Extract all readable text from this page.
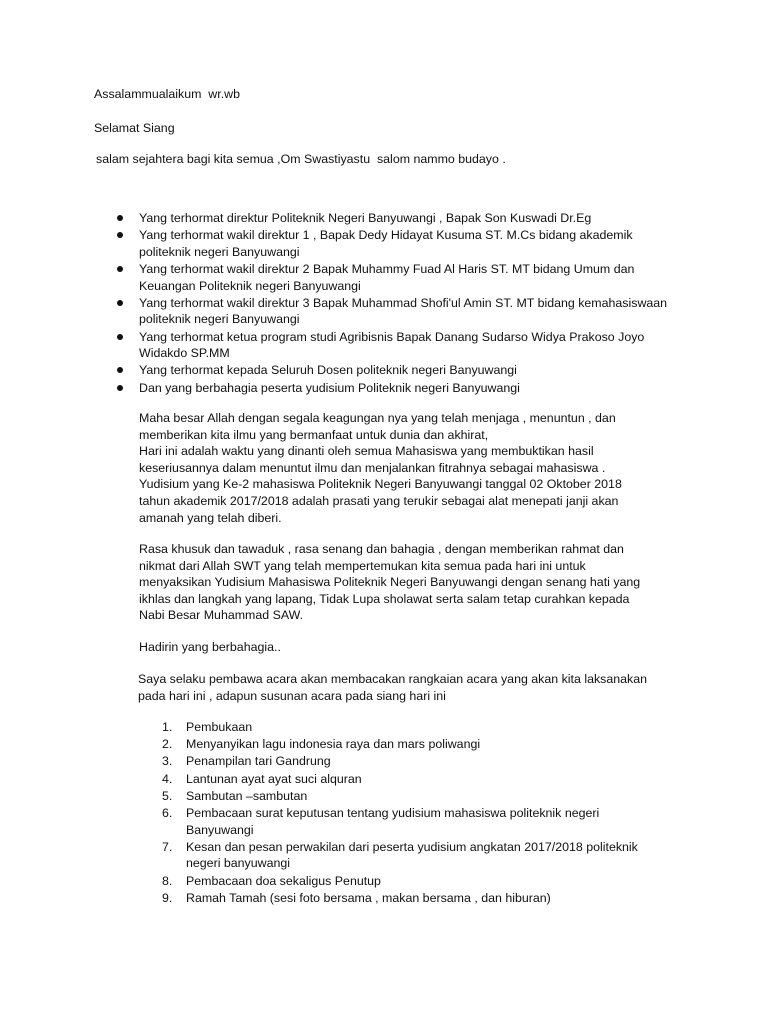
Assalammualaikum  wr.wb
Selamat Siang
salam sejahtera bagi kita semua ,Om Swastiyastu  salom nammo budayo .
Yang terhormat direktur Politeknik Negeri Banyuwangi , Bapak Son Kuswadi Dr.Eg
Yang terhormat wakil direktur 1 , Bapak Dedy Hidayat Kusuma ST. M.Cs bidang akademik politeknik negeri Banyuwangi
Yang terhormat wakil direktur 2 Bapak Muhammy Fuad Al Haris ST. MT bidang Umum dan Keuangan Politeknik negeri Banyuwangi
Yang terhormat wakil direktur 3 Bapak Muhammad Shofi'ul Amin ST. MT bidang kemahasiswaan politeknik negeri Banyuwangi
Yang terhormat ketua program studi Agribisnis Bapak Danang Sudarso Widya Prakoso Joyo Widakdo SP.MM
Yang terhormat kepada Seluruh Dosen politeknik negeri Banyuwangi
Dan yang berbahagia peserta yudisium Politeknik negeri Banyuwangi
Maha besar Allah dengan segala keagungan nya yang telah menjaga , menuntun , dan
memberikan kita ilmu yang bermanfaat untuk dunia dan akhirat,
Hari ini adalah waktu yang dinanti oleh semua Mahasiswa yang membuktikan hasil
keseriusannya dalam menuntut ilmu dan menjalankan fitrahnya sebagai mahasiswa .
Yudisium yang Ke-2 mahasiswa Politeknik Negeri Banyuwangi tanggal 02 Oktober 2018
tahun akademik 2017/2018 adalah prasati yang terukir sebagai alat menepati janji akan
amanah yang telah diberi.
Rasa khusuk dan tawaduk , rasa senang dan bahagia , dengan memberikan rahmat dan
nikmat dari Allah SWT yang telah mempertemukan kita semua pada hari ini untuk
menyaksikan Yudisium Mahasiswa Politeknik Negeri Banyuwangi dengan senang hati yang
ikhlas dan langkah yang lapang, Tidak Lupa sholawat serta salam tetap curahkan kepada
Nabi Besar Muhammad SAW.
Hadirin yang berbahagia..
Saya selaku pembawa acara akan membacakan rangkaian acara yang akan kita laksanakan
pada hari ini , adapun susunan acara pada siang hari ini
1. Pembukaan
2. Menyanyikan lagu indonesia raya dan mars poliwangi
3. Penampilan tari Gandrung
4. Lantunan ayat ayat suci alquran
5. Sambutan –sambutan
6. Pembacaan surat keputusan tentang yudisium mahasiswa politeknik negeri
Banyuwangi
7. Kesan dan pesan perwakilan dari peserta yudisium angkatan 2017/2018 politeknik
negeri banyuwangi
8. Pembacaan doa sekaligus Penutup
9. Ramah Tamah (sesi foto bersama , makan bersama , dan hiburan)
